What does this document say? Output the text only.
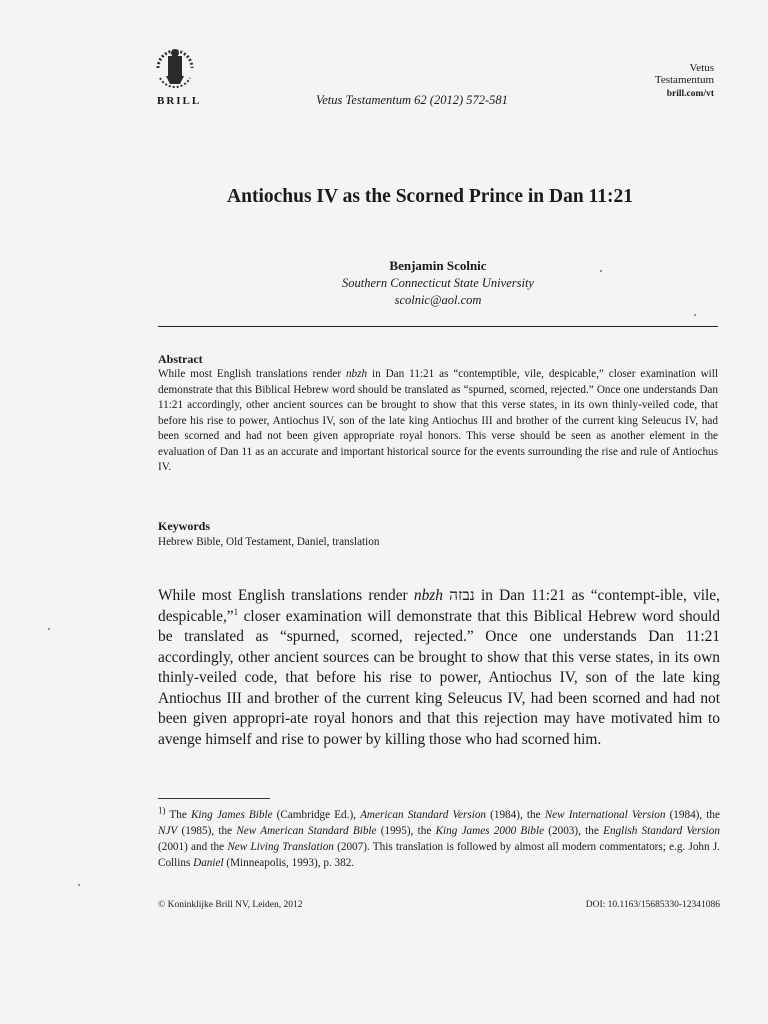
BRILL	Vetus Testamentum 62 (2012) 572-581
Vetus
Testamentum
brill.com/vt
Antiochus IV as the Scorned Prince in Dan 11:21
Benjamin Scolnic
Southern Connecticut State University
scolnic@aol.com
Abstract
While most English translations render nbzh in Dan 11:21 as “contemptible, vile, despicable,” closer examination will demonstrate that this Biblical Hebrew word should be translated as “spurned, scorned, rejected.” Once one understands Dan 11:21 accordingly, other ancient sources can be brought to show that this verse states, in its own thinly-veiled code, that before his rise to power, Antiochus IV, son of the late king Antiochus III and brother of the current king Seleucus IV, had been scorned and had not been given appropriate royal honors. This verse should be seen as another element in the evaluation of Dan 11 as an accurate and important historical source for the events surrounding the rise and rule of Antiochus IV.
Keywords
Hebrew Bible, Old Testament, Daniel, translation
While most English translations render nbzh נבזה in Dan 11:21 as “contempt-ible, vile, despicable,”$^1$ closer examination will demonstrate that this Biblical Hebrew word should be translated as “spurned, scorned, rejected.” Once one understands Dan 11:21 accordingly, other ancient sources can be brought to show that this verse states, in its own thinly-veiled code, that before his rise to power, Antiochus IV, son of the late king Antiochus III and brother of the current king Seleucus IV, had been scorned and had not been given appropri-ate royal honors and that this rejection may have motivated him to avenge himself and rise to power by killing those who had scorned him.
$^{1)}$ The King James Bible (Cambridge Ed.), American Standard Version (1984), the New International Version (1984), the NJV (1985), the New American Standard Bible (1995), the King James 2000 Bible (2003), the English Standard Version (2001) and the New Living Translation (2007). This translation is followed by almost all modern commentators; e.g. John J. Collins Daniel (Minneapolis, 1993), p. 382.
© Koninklijke Brill NV, Leiden, 2012	DOI: 10.1163/15685330-12341086
